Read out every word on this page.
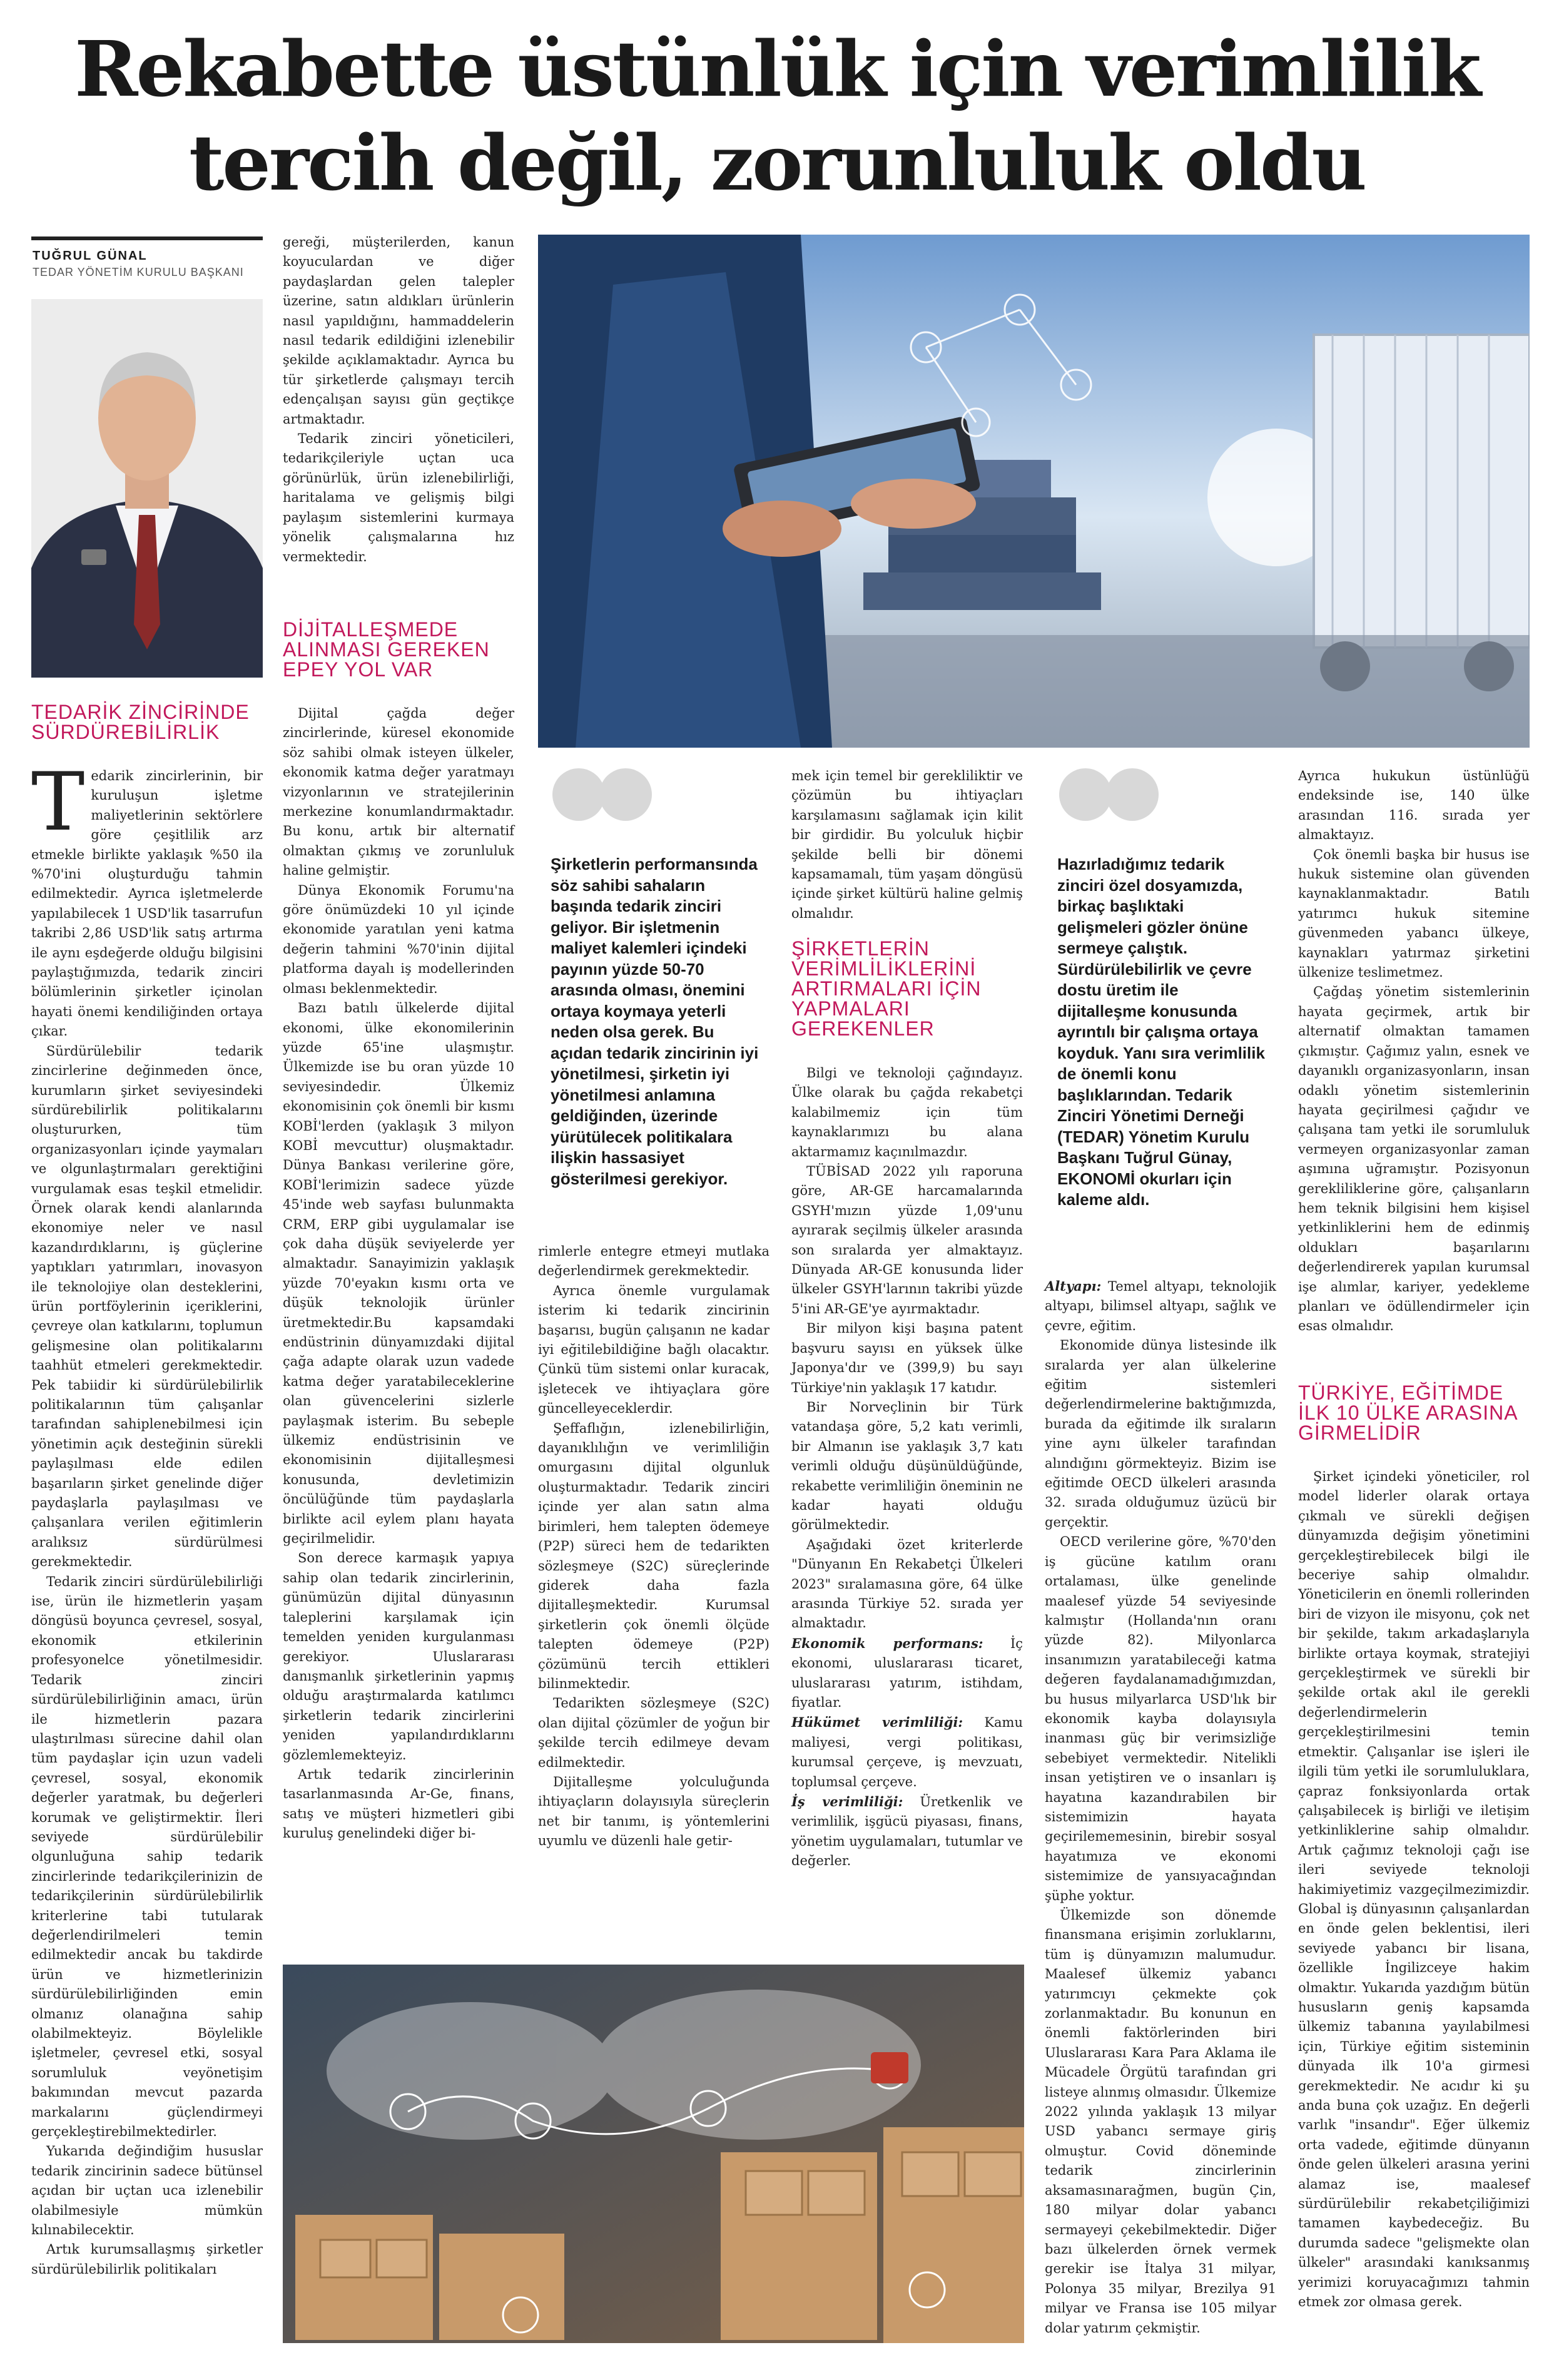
Rekabette üstünlük için verimlilik
tercih değil, zorunluluk oldu
TUĞRUL GÜNAL
TEDAR YÖNETİM KURULU BAŞKANI
TEDARİK ZİNCİRİNDE SÜRDÜREBİLİRLİK

Tedarik zincirlerinin, bir kuruluşun işletme maliyetlerinin sektörlere göre çeşitlilik arz etmekle birlikte yaklaşık %50 ila %70'ini oluşturduğu tahmin edilmektedir. Ayrıca işletmelerde yapılabilecek 1 USD'lik tasarrufun takribi 2,86 USD'lik satış artırma ile aynı eşdeğerde olduğu bilgisini paylaştığımızda, tedarik zinciri bölümlerinin şirketler içinolan hayati önemi kendiliğinden ortaya çıkar.

Sürdürülebilir tedarik zincirlerine değinmeden önce, kurumların şirket seviyesindeki sürdürebilirlik politikalarını oluştururken, tüm organizasyonları içinde yaymaları ve olgunlaştırmaları gerektiğini vurgulamak esas teşkil etmelidir. Örnek olarak kendi alanlarında ekonomiye neler ve nasıl kazandırdıklarını, iş güçlerine yaptıkları yatırımları, inovasyon ile teknolojiye olan desteklerini, ürün portföylerinin içeriklerini, çevreye olan katkılarını, toplumun gelişmesine olan politikalarını taahhüt etmeleri gerekmektedir. Pek tabiidir ki sürdürülebilirlik politikalarının tüm çalışanlar tarafından sahiplenebilmesi için yönetimin açık desteğinin sürekli paylaşılması elde edilen başarıların şirket genelinde diğer paydaşlarla paylaşılması ve çalışanlara verilen eğitimlerin aralıksız sürdürülmesi gerekmektedir.

Tedarik zinciri sürdürülebilirliği ise, ürün ile hizmetlerin yaşam döngüsü boyunca çevresel, sosyal, ekonomik etkilerinin profesyonelce yönetilmesidir. Tedarik zinciri sürdürülebilirliğinin amacı, ürün ile hizmetlerin pazara ulaştırılması sürecine dahil olan tüm paydaşlar için uzun vadeli çevresel, sosyal, ekonomik değerler yaratmak, bu değerleri korumak ve geliştirmektir. İleri seviyede sürdürülebilir olgunluğuna sahip tedarik zincirlerinde tedarikçilerinizin de tedarikçilerinin sürdürülebilirlik kriterlerine tabi tutularak değerlendirilmeleri temin edilmektedir ancak bu takdirde ürün ve hizmetlerinizin sürdürülebilirliğinden emin olmanız olanağına sahip olabilmekteyiz. Böylelikle işletmeler, çevresel etki, sosyal sorumluluk veyönetişim bakımından mevcut pazarda markalarını güçlendirmeyi gerçekleştirebilmektedirler.

Yukarıda değindiğim hususlar tedarik zincirinin sadece bütünsel açıdan bir uçtan uca izlenebilir olabilmesiyle mümkün kılınabilecektir.

Artık kurumsallaşmış şirketler sürdürülebilirlik politikaları

gereği, müşterilerden, kanun koyuculardan ve diğer paydaşlardan gelen talepler üzerine, satın aldıkları ürünlerin nasıl yapıldığını, hammaddelerin nasıl tedarik edildiğini izlenebilir şekilde açıklamaktadır. Ayrıca bu tür şirketlerde çalışmayı tercih edençalışan sayısı gün geçtikçe artmaktadır.

Tedarik zinciri yöneticileri, tedarikçileriyle uçtan uca görünürlük, ürün izlenebilirliği, haritalama ve gelişmiş bilgi paylaşım sistemlerini kurmaya yönelik çalışmalarına hız vermektedir.

DİJİTALLEŞMEDE ALINMASI GEREKEN EPEY YOL VAR

Dijital çağda değer zincirlerinde, küresel ekonomide söz sahibi olmak isteyen ülkeler, ekonomik katma değer yaratmayı vizyonlarının ve stratejilerinin merkezine konumlandırmaktadır. Bu konu, artık bir alternatif olmaktan çıkmış ve zorunluluk haline gelmiştir.

Dünya Ekonomik Forumu'na göre önümüzdeki 10 yıl içinde ekonomide yaratılan yeni katma değerin tahmini %70'inin dijital platforma dayalı iş modellerinden olması beklenmektedir.

Bazı batılı ülkelerde dijital ekonomi, ülke ekonomilerinin yüzde 65'ine ulaşmıştır. Ülkemizde ise bu oran yüzde 10 seviyesindedir. Ülkemiz ekonomisinin çok önemli bir kısmı KOBİ'lerden (yaklaşık 3 milyon KOBİ mevcuttur) oluşmaktadır. Dünya Bankası verilerine göre, KOBİ'lerimizin sadece yüzde 45'inde web sayfası bulunmakta CRM, ERP gibi uygulamalar ise çok daha düşük seviyelerde yer almaktadır. Sanayimizin yaklaşık yüzde 70'eyakın kısmı orta ve düşük teknolojik ürünler üretmektedir.Bu kapsamdaki endüstrinin dünyamızdaki dijital çağa adapte olarak uzun vadede katma değer yaratabileceklerine olan güvencelerini sizlerle paylaşmak isterim. Bu sebeple ülkemiz endüstrisinin ve ekonomisinin dijitalleşmesi konusunda, devletimizin öncülüğünde tüm paydaşlarla birlikte acil eylem planı hayata geçirilmelidir.

Son derece karmaşık yapıya sahip olan tedarik zincirlerinin, günümüzün dijital dünyasının taleplerini karşılamak için temelden yeniden kurgulanması gerekiyor. Uluslararası danışmanlık şirketlerinin yapmış olduğu araştırmalarda katılımcı şirketlerin tedarik zincirlerini yeniden yapılandırdıklarını gözlemlemekteyiz.

Artık tedarik zincirlerinin tasarlanmasında Ar-Ge, finans, satış ve müşteri hizmetleri gibi kuruluş genelindeki diğer bi-

Şirketlerin performansında söz sahibi sahaların başında tedarik zinciri geliyor. Bir işletmenin maliyet kalemleri içindeki payının yüzde 50-70 arasında olması, önemini ortaya koymaya yeterli neden olsa gerek. Bu açıdan tedarik zincirinin iyi yönetilmesi, şirketin iyi yönetilmesi anlamına geldiğinden, üzerinde yürütülecek politikalara ilişkin hassasiyet gösterilmesi gerekiyor.

rimlerle entegre etmeyi mutlaka değerlendirmek gerekmektedir.

Ayrıca önemle vurgulamak isterim ki tedarik zincirinin başarısı, bugün çalışanın ne kadar iyi eğitilebildiğine bağlı olacaktır. Çünkü tüm sistemi onlar kuracak, işletecek ve ihtiyaçlara göre güncelleyeceklerdir.

Şeffaflığın, izlenebilirliğin, dayanıklılığın ve verimliliğin omurgasını dijital olgunluk oluşturmaktadır. Tedarik zinciri içinde yer alan satın alma birimleri, hem talepten ödemeye (P2P) süreci hem de tedarikten sözleşmeye (S2C) süreçlerinde giderek daha fazla dijitalleşmektedir. Kurumsal şirketlerin çok önemli ölçüde talepten ödemeye (P2P) çözümünü tercih ettikleri bilinmektedir.

Tedarikten sözleşmeye (S2C) olan dijital çözümler de yoğun bir şekilde tercih edilmeye devam edilmektedir.

Dijitalleşme yolculuğunda ihtiyaçların dolayısıyla süreçlerin net bir tanımı, iş yöntemlerini uyumlu ve düzenli hale getir-

mek için temel bir gerekliliktir ve çözümün bu ihtiyaçları karşılamasını sağlamak için kilit bir girdidir. Bu yolculuk hiçbir şekilde belli bir dönemi kapsamamalı, tüm yaşam döngüsü içinde şirket kültürü haline gelmiş olmalıdır.

ŞİRKETLERİN VERİMLİLİKLERİNİ ARTIRMALARI İÇİN YAPMALARI GEREKENLER

Bilgi ve teknoloji çağındayız. Ülke olarak bu çağda rekabetçi kalabilmemiz için tüm kaynaklarımızı bu alana aktarmamız kaçınılmazdır.

TÜBİSAD 2022 yılı raporuna göre, AR-GE harcamalarında GSYH'mızın yüzde 1,09'unu ayırarak seçilmiş ülkeler arasında son sıralarda yer almaktayız. Dünyada AR-GE konusunda lider ülkeler GSYH'larının takribi yüzde 5'ini AR-GE'ye ayırmaktadır.

Bir milyon kişi başına patent başvuru sayısı en yüksek ülke Japonya'dır ve (399,9) bu sayı Türkiye'nin yaklaşık 17 katıdır.

Bir Norveçlinin bir Türk vatandaşa göre, 5,2 katı verimli, bir Almanın ise yaklaşık 3,7 katı verimli olduğu düşünüldüğünde, rekabette verimliliğin öneminin ne kadar hayati olduğu görülmektedir.

Aşağıdaki özet kriterlerde "Dünyanın En Rekabetçi Ülkeleri 2023" sıralamasına göre, 64 ülke arasında Türkiye 52. sırada yer almaktadır.

Ekonomik performans: İç ekonomi, uluslararası ticaret, uluslararası yatırım, istihdam, fiyatlar.

Hükümet verimliliği: Kamu maliyesi, vergi politikası, kurumsal çerçeve, iş mevzuatı, toplumsal çerçeve.

İş verimliliği: Üretkenlik ve verimlilik, işgücü piyasası, finans, yönetim uygulamaları, tutumlar ve değerler.

Hazırladığımız tedarik zinciri özel dosyamızda, birkaç başlıktaki gelişmeleri gözler önüne sermeye çalıştık. Sürdürülebilirlik ve çevre dostu üretim ile dijitalleşme konusunda ayrıntılı bir çalışma ortaya koyduk. Yanı sıra verimlilik de önemli konu başlıklarından. Tedarik Zinciri Yönetimi Derneği (TEDAR) Yönetim Kurulu Başkanı Tuğrul Günay, EKONOMİ okurları için kaleme aldı.

Altyapı: Temel altyapı, teknolojik altyapı, bilimsel altyapı, sağlık ve çevre, eğitim.

Ekonomide dünya listesinde ilk sıralarda yer alan ülkelerine eğitim sistemleri değerlendirmelerine baktığımızda, burada da eğitimde ilk sıraların yine aynı ülkeler tarafından alındığını görmekteyiz. Bizim ise eğitimde OECD ülkeleri arasında 32. sırada olduğumuz üzücü bir gerçektir.

OECD verilerine göre, %70'den iş gücüne katılım oranı ortalaması, ülke genelinde maalesef yüzde 54 seviyesinde kalmıştır (Hollanda'nın oranı yüzde 82). Milyonlarca insanımızın yaratabileceği katma değeren faydalanamadığımızdan, bu husus milyarlarca USD'lık bir ekonomik kayba dolayısıyla inanması güç bir verimsizliğe sebebiyet vermektedir. Nitelikli insan yetiştiren ve o insanları iş hayatına kazandırabilen bir sistemimizin hayata geçirilememesinin, birebir sosyal hayatımıza ve ekonomi sistemimize de yansıyacağından şüphe yoktur.

Ülkemizde son dönemde finansmana erişimin zorluklarını, tüm iş dünyamızın malumudur. Maalesef ülkemiz yabancı yatırımcıyı çekmekte çok zorlanmaktadır. Bu konunun en önemli faktörlerinden biri Uluslararası Kara Para Aklama ile Mücadele Örgütü tarafından gri listeye alınmış olmasıdır. Ülkemize 2022 yılında yaklaşık 13 milyar USD yabancı sermaye giriş olmuştur. Covid döneminde tedarik zincirlerinin aksamasınarağmen, bugün Çin, 180 milyar dolar yabancı sermayeyi çekebilmektedir. Diğer bazı ülkelerden örnek vermek gerekir ise İtalya 31 milyar, Polonya 35 milyar, Brezilya 91 milyar ve Fransa ise 105 milyar dolar yatırım çekmiştir.

Ayrıca hukukun üstünlüğü endeksinde ise, 140 ülke arasından 116. sırada yer almaktayız.

Çok önemli başka bir husus ise hukuk sistemine olan güvenden kaynaklanmaktadır. Batılı yatırımcı hukuk sitemine güvenmeden yabancı ülkeye, kaynakları yatırmaz şirketini ülkenize teslimetmez.

Çağdaş yönetim sistemlerinin hayata geçirmek, artık bir alternatif olmaktan tamamen çıkmıştır. Çağımız yalın, esnek ve dayanıklı organizasyonların, insan odaklı yönetim sistemlerinin hayata geçirilmesi çağıdır ve çalışana tam yetki ile sorumluluk vermeyen organizasyonlar zaman aşımına uğramıştır. Pozisyonun gerekliliklerine göre, çalışanların hem teknik bilgisini hem kişisel yetkinliklerini hem de edinmiş oldukları başarılarını değerlendirerek yapılan kurumsal işe alımlar, kariyer, yedekleme planları ve ödüllendirmeler için esas olmalıdır.

TÜRKİYE, EĞİTİMDE İLK 10 ÜLKE ARASINA GİRMELİDİR

Şirket içindeki yöneticiler, rol model liderler olarak ortaya çıkmalı ve sürekli değişen dünyamızda değişim yönetimini gerçekleştirebilecek bilgi ile beceriye sahip olmalıdır. Yöneticilerin en önemli rollerinden biri de vizyon ile misyonu, çok net bir şekilde, takım arkadaşlarıyla birlikte ortaya koymak, stratejiyi gerçekleştirmek ve sürekli bir şekilde ortak akıl ile gerekli değerlendirmelerin gerçekleştirilmesini temin etmektir. Çalışanlar ise işleri ile ilgili tüm yetki ile sorumluluklara, çapraz fonksiyonlarda ortak çalışabilecek iş birliği ve iletişim yetkinliklerine sahip olmalıdır. Artık çağımız teknoloji çağı ise ileri seviyede teknoloji hakimiyetimiz vazgeçilmezimizdir. Global iş dünyasının çalışanlardan en önde gelen beklentisi, ileri seviyede yabancı bir lisana, özellikle İngilizceye hakim olmaktır. Yukarıda yazdığım bütün hususların geniş kapsamda ülkemiz tabanına yayılabilmesi için, Türkiye eğitim sisteminin dünyada ilk 10'a girmesi gerekmektedir. Ne acıdır ki şu anda buna çok uzağız. En değerli varlık "insandır". Eğer ülkemiz orta vadede, eğitimde dünyanın önde gelen ülkeleri arasına yerini alamaz ise, maalesef sürdürülebilir rekabetçiliğimizi tamamen kaybedeceğiz. Bu durumda sadece "gelişmekte olan ülkeler" arasındaki kanıksanmış yerimizi koruyacağımızı tahmin etmek zor olmasa gerek.
